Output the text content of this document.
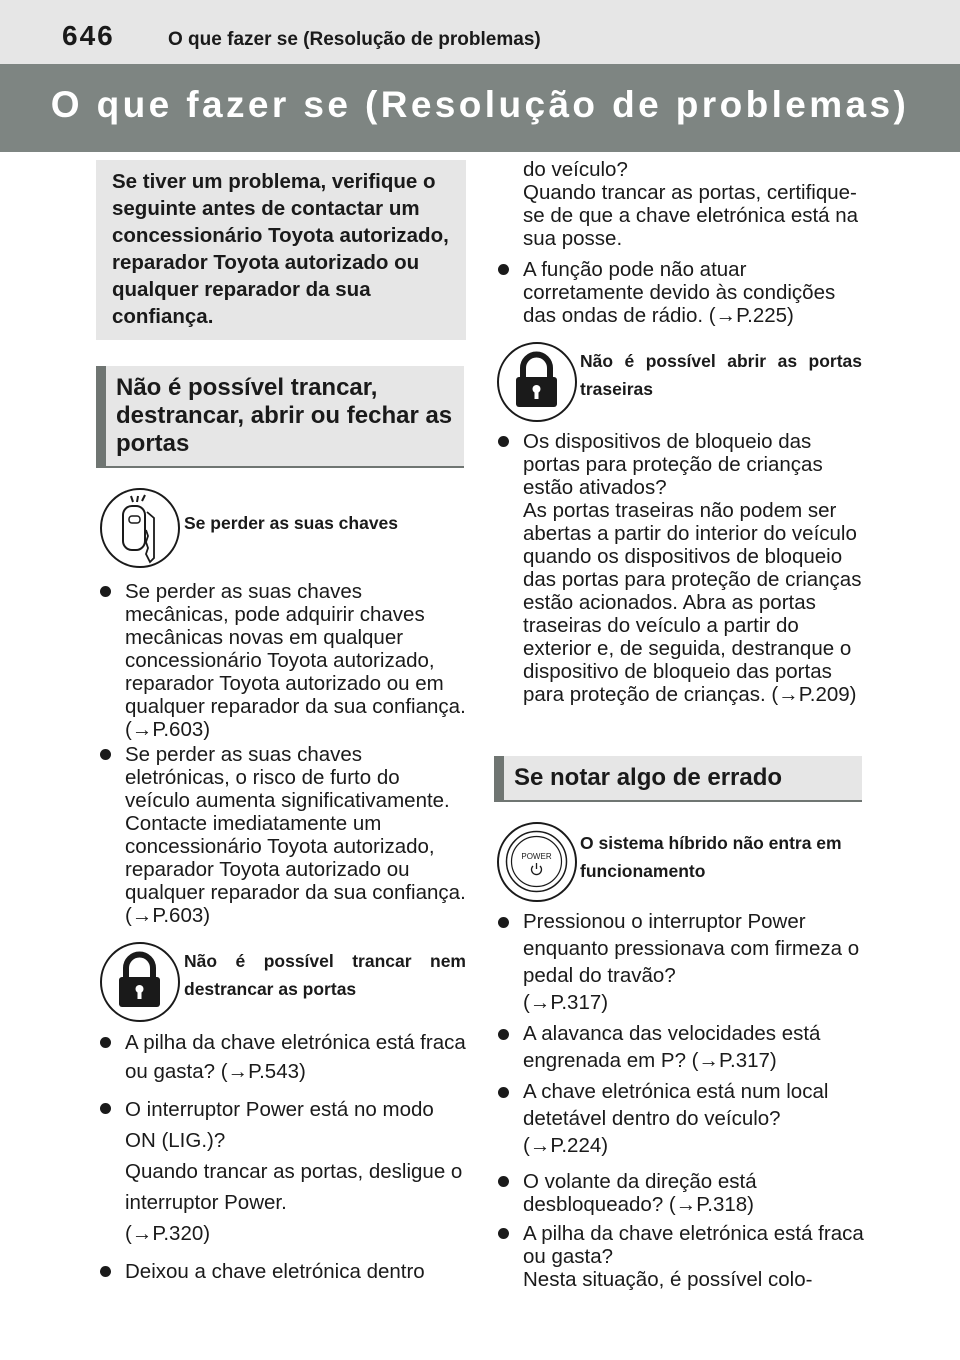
646	O que fazer se (Resolução de problemas)
O que fazer se (Resolução de problemas)

Se tiver um problema, verifique o seguinte antes de contactar um concessionário Toyota autorizado, reparador Toyota autorizado ou qualquer reparador da sua confiança.

Não é possível trancar, destrancar, abrir ou fechar as portas
Se perder as suas chaves
Se perder as suas chaves mecânicas, pode adquirir chaves mecânicas novas em qualquer concessionário Toyota autorizado, reparador Toyota autorizado ou em qualquer reparador da sua confiança.(→P.603)
Se perder as suas chaves eletrónicas, o risco de furto do veículo aumenta significativamente.
Contacte imediatamente um concessionário Toyota autorizado, reparador Toyota autorizado ou qualquer reparador da sua confiança. (→P.603)
Não é possível trancar nem destrancar as portas
A pilha da chave eletrónica está fraca ou gasta? (→P.543)
O interruptor Power está no modo ON (LIG.)?
Quando trancar as portas, desligue o interruptor Power.
(→P.320)
Deixou a chave eletrónica dentro
do veículo?
Quando trancar as portas, certifique-se de que a chave eletrónica está na sua posse.
A função pode não atuar corretamente devido às condições das ondas de rádio. (→P.225)
Não é possível abrir as portas traseiras
Os dispositivos de bloqueio das portas para proteção de crianças estão ativados?
As portas traseiras não podem ser abertas a partir do interior do veículo quando os dispositivos de bloqueio das portas para proteção de crianças estão acionados. Abra as portas traseiras do veículo a partir do exterior e, de seguida, destranque o dispositivo de bloqueio das portas para proteção de crianças. (→P.209)
Se notar algo de errado
POWER
O sistema híbrido não entra em funcionamento
Pressionou o interruptor Power enquanto pressionava com firmeza o pedal do travão?
(→P.317)
A alavanca das velocidades está engrenada em P? (→P.317)
A chave eletrónica está num local detetável dentro do veículo? (→P.224)
O volante da direção está desbloqueado? (→P.318)
A pilha da chave eletrónica está fraca ou gasta?
Nesta situação, é possível colo-
